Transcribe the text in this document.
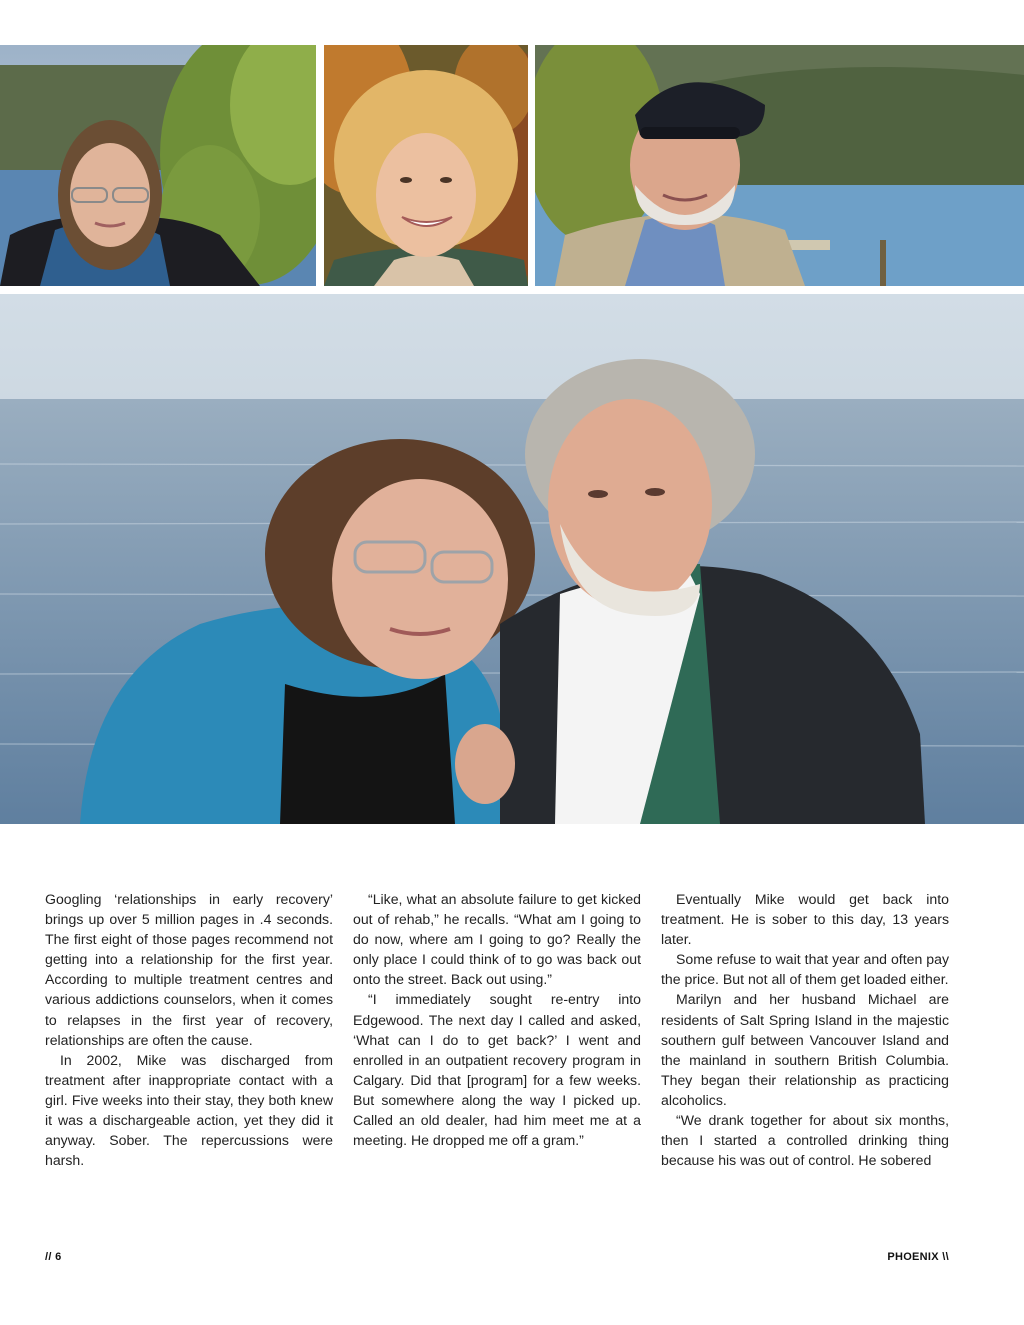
Googling ‘relationships in early recovery’ brings up over 5 million pages in .4 seconds. The first eight of those pages recommend not getting into a relationship for the first year. According to multiple treatment centres and various addictions counselors, when it comes to relapses in the first year of recovery, relationships are often the cause.

In 2002, Mike was discharged from treatment after inappropriate contact with a girl. Five weeks into their stay, they both knew it was a dischargeable action, yet they did it anyway. Sober. The repercussions were harsh.

“Like, what an absolute failure to get kicked out of rehab,” he recalls. “What am I going to do now, where am I going to go? Really the only place I could think of to go was back out onto the street. Back out using.”

“I immediately sought re-entry into Edgewood. The next day I called and asked, ‘What can I do to get back?’ I went and enrolled in an outpatient recovery program in Calgary. Did that [program] for a few weeks. But somewhere along the way I picked up. Called an old dealer, had him meet me at a meeting. He dropped me off a gram.”

Eventually Mike would get back into treatment. He is sober to this day, 13 years later.

Some refuse to wait that year and often pay the price. But not all of them get loaded either.

Marilyn and her husband Michael are residents of Salt Spring Island in the majestic southern gulf between Vancouver Island and the mainland in southern British Columbia. They began their relationship as practicing alcoholics.

“We drank together for about six months, then I started a controlled drinking thing because his was out of control. He sobered

// 6	PHOENIX \\
